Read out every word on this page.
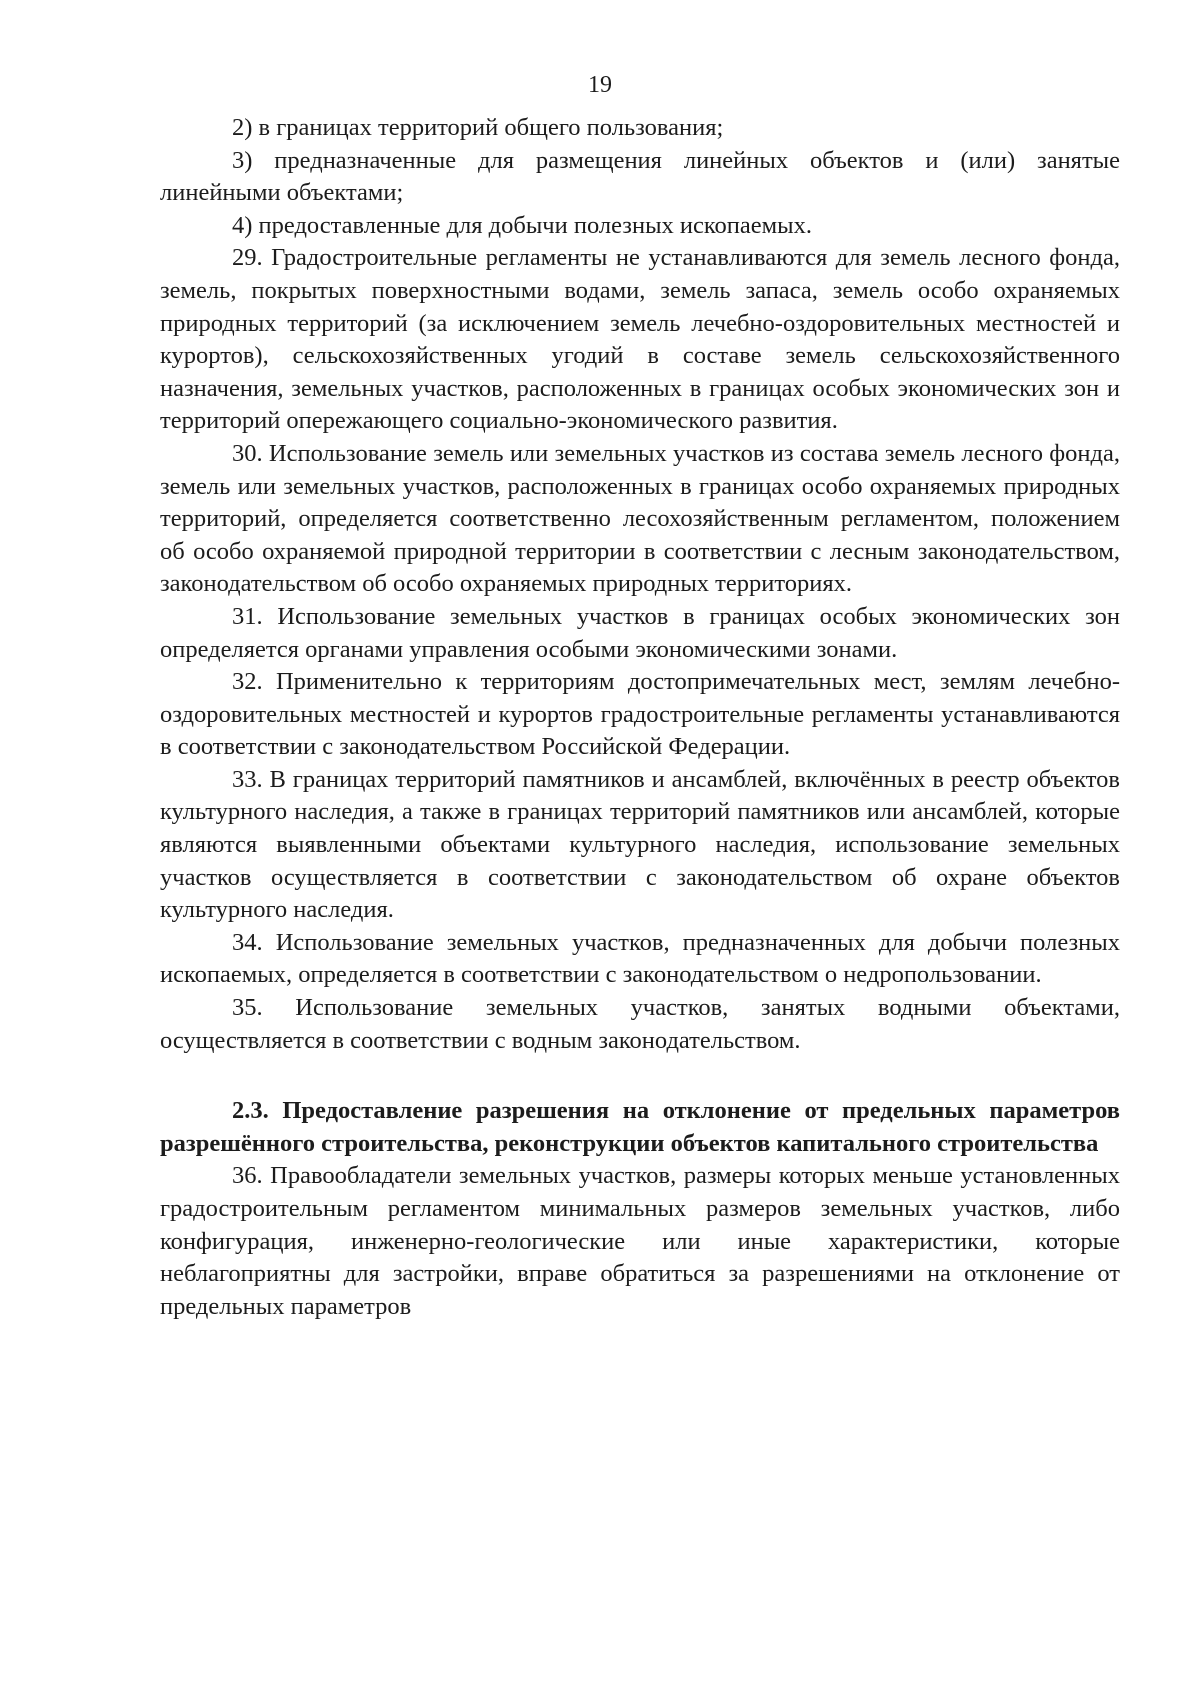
19

2) в границах территорий общего пользования;

3) предназначенные для размещения линейных объектов и (или) занятые линейными объектами;

4) предоставленные для добычи полезных ископаемых.

29. Градостроительные регламенты не устанавливаются для земель лесного фонда, земель, покрытых поверхностными водами, земель запаса, земель особо охраняемых природных территорий (за исключением земель лечебно-оздоровительных местностей и курортов), сельскохозяйственных угодий в составе земель сельскохозяйственного назначения, земельных участков, расположенных в границах особых экономических зон и территорий опережающего социально-экономического развития.

30. Использование земель или земельных участков из состава земель лесного фонда, земель или земельных участков, расположенных в границах особо охраняемых природных территорий, определяется соответственно лесохозяйственным регламентом, положением об особо охраняемой природной территории в соответствии с лесным законодательством, законодательством об особо охраняемых природных территориях.

31. Использование земельных участков в границах особых экономических зон определяется органами управления особыми экономическими зонами.

32. Применительно к территориям достопримечательных мест, землям лечебно-оздоровительных местностей и курортов градостроительные регламенты устанавливаются в соответствии с законодательством Российской Федерации.

33. В границах территорий памятников и ансамблей, включённых в реестр объектов культурного наследия, а также в границах территорий памятников или ансамблей, которые являются выявленными объектами культурного наследия, использование земельных участков осуществляется в соответствии с законодательством об охране объектов культурного наследия.

34. Использование земельных участков, предназначенных для добычи полезных ископаемых, определяется в соответствии с законодательством о недропользовании.

35. Использование земельных участков, занятых водными объектами, осуществляется в соответствии с водным законодательством.

2.3. Предоставление разрешения на отклонение от предельных параметров разрешённого строительства, реконструкции объектов капитального строительства

36. Правообладатели земельных участков, размеры которых меньше установленных градостроительным регламентом минимальных размеров земельных участков, либо конфигурация, инженерно-геологические или иные характеристики, которые неблагоприятны для застройки, вправе обратиться за разрешениями на отклонение от предельных параметров
